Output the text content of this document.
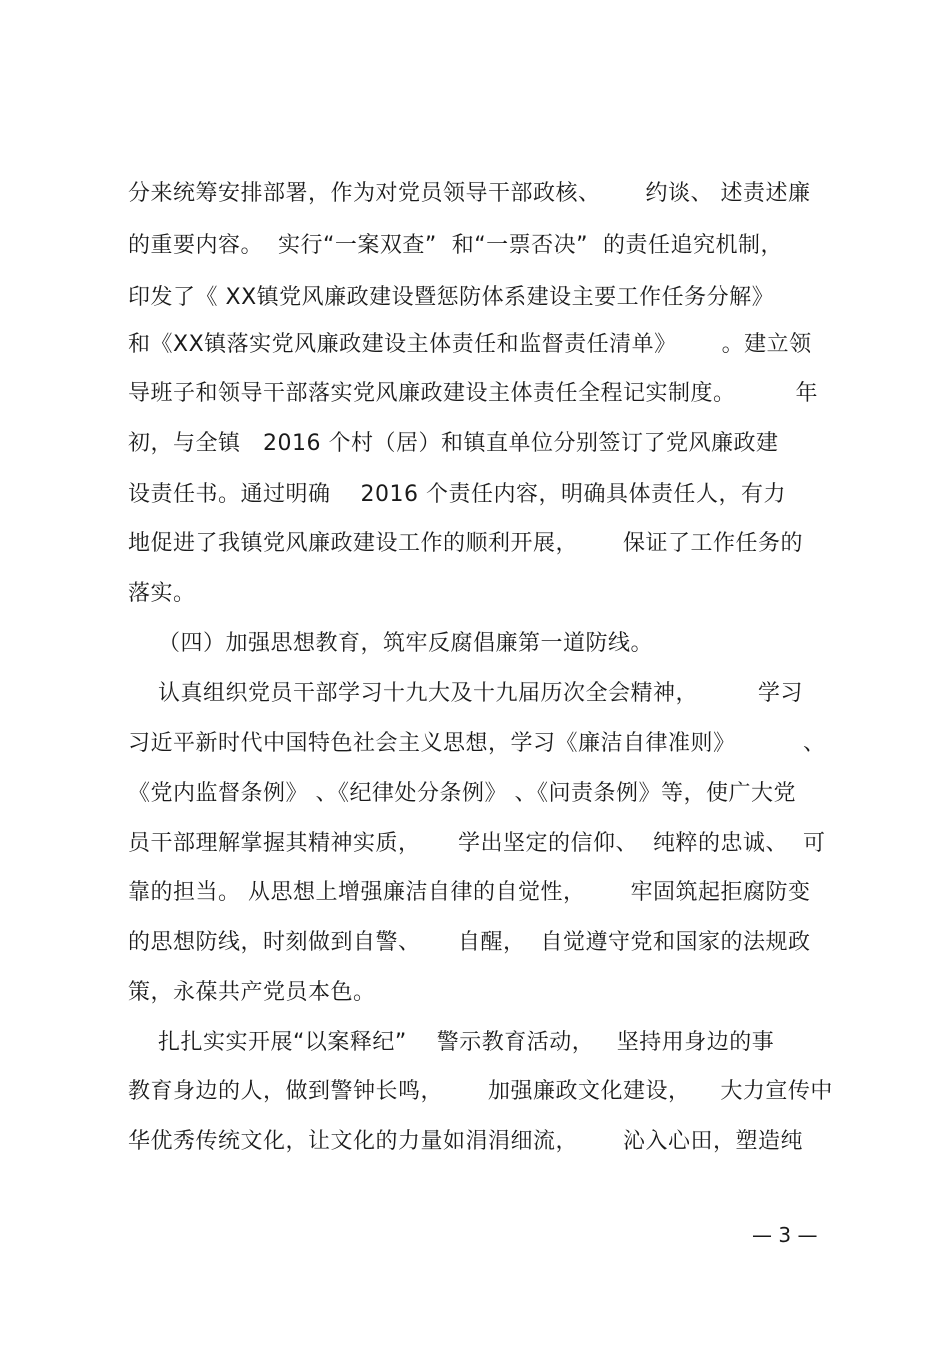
分来统筹安排部署，作为对党员领导干部政核、      约谈、 述责述廉
的重要内容。  实行“一案双查”  和“一票否决”  的责任追究机制，
印发了《 XX镇党风廉政建设暨惩防体系建设主要工作任务分解》
和《XX镇落实党风廉政建设主体责任和监督责任清单》      。建立领
导班子和领导干部落实党风廉政建设主体责任全程记实制度。        年
初，与全镇   2016 个村（居）和镇直单位分别签订了党风廉政建
设责任书。通过明确    2016 个责任内容，明确具体责任人，有力
地促进了我镇党风廉政建设工作的顺利开展，      保证了工作任务的
落实。
（四）加强思想教育，筑牢反腐倡廉第一道防线。
认真组织党员干部学习十九大及十九届历次全会精神，        学习
习近平新时代中国特色社会主义思想，学习《廉洁自律准则》         、
《党内监督条例》 、《纪律处分条例》 、《问责条例》等，使广大党
员干部理解掌握其精神实质，     学出坚定的信仰、  纯粹的忠诚、  可
靠的担当。 从思想上增强廉洁自律的自觉性，      牢固筑起拒腐防变
的思想防线，时刻做到自警、     自醒，  自觉遵守党和国家的法规政
策，永葆共产党员本色。
扎扎实实开展“以案释纪”    警示教育活动，   坚持用身边的事
教育身边的人，做到警钟长鸣，      加强廉政文化建设，    大力宣传中
华优秀传统文化，让文化的力量如涓涓细流，      沁入心田，塑造纯
— 3 —
